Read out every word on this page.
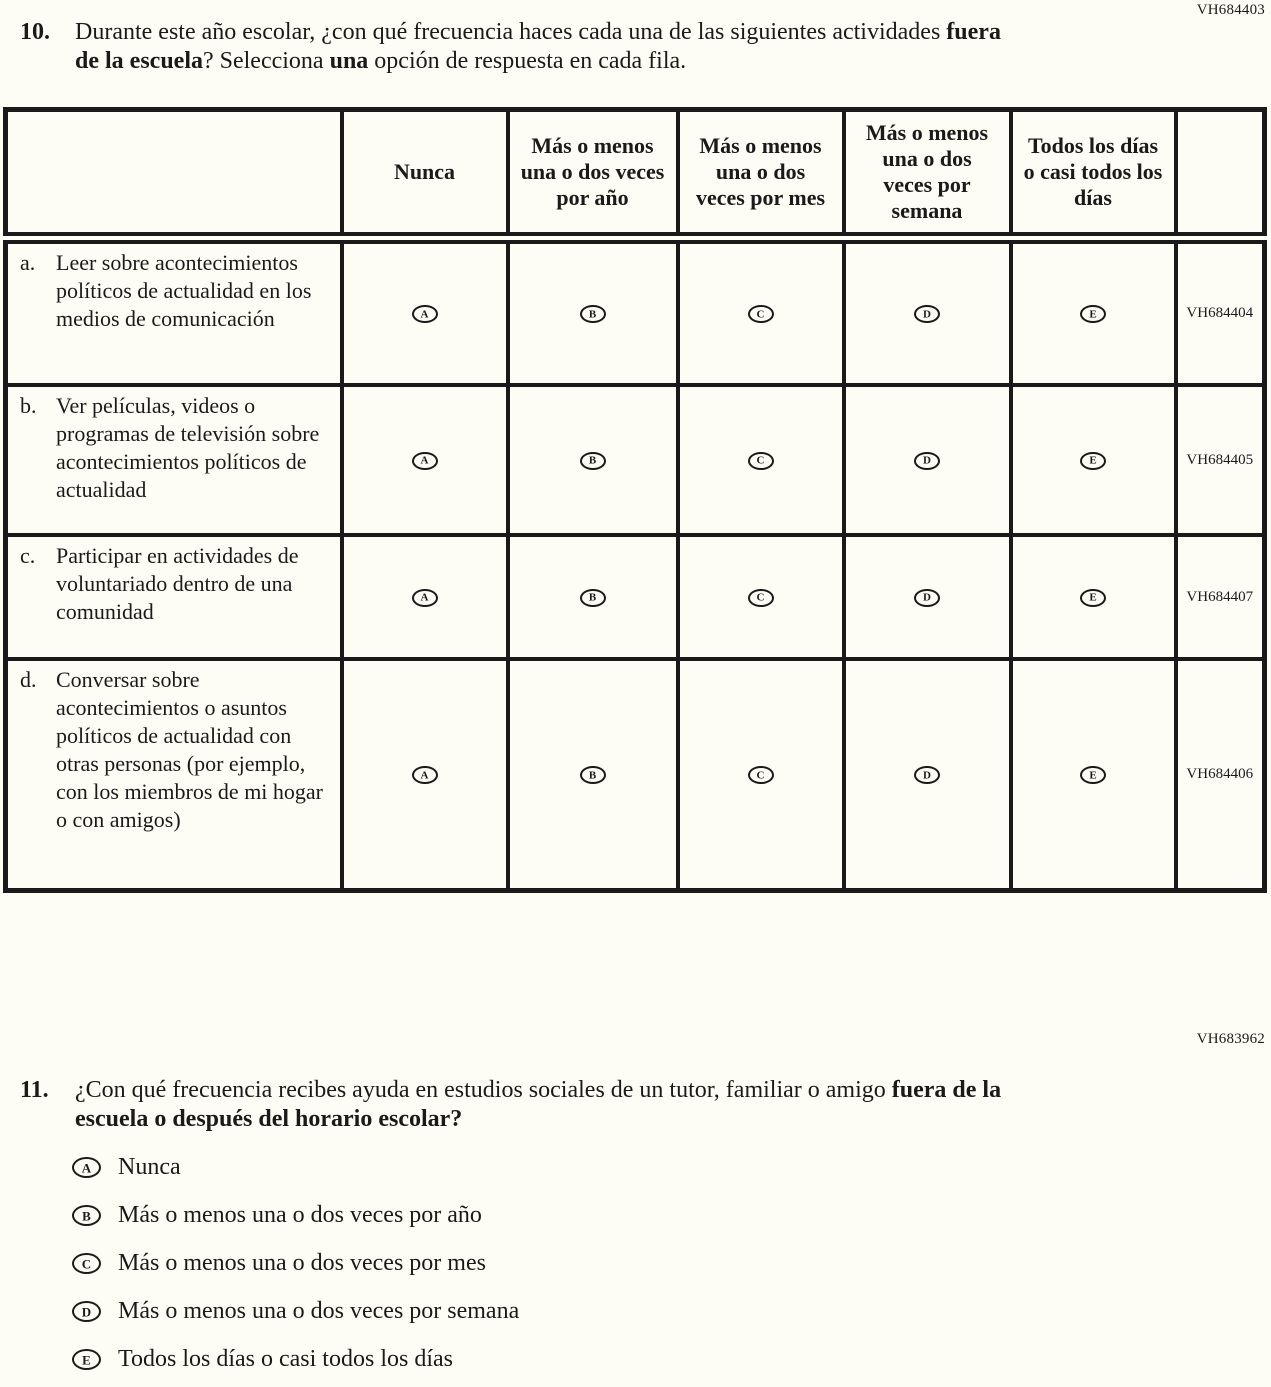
VH684403
10.	Durante este año escolar, ¿con qué frecuencia haces cada una de las siguientes actividades fuera de la escuela? Selecciona una opción de respuesta en cada fila.
	Nunca	Más o menos una o dos veces por año	Más o menos una o dos veces por mes	Más o menos una o dos veces por semana	Todos los días o casi todos los días	

a. Leer sobre acontecimientos políticos de actualidad en los medios de comunicación	A	B	C	D	E	VH684404

b. Ver películas, videos o programas de televisión sobre acontecimientos políticos de actualidad	A	B	C	D	E	VH684405

c. Participar en actividades de voluntariado dentro de una comunidad	A	B	C	D	E	VH684407

d. Conversar sobre acontecimientos o asuntos políticos de actualidad con otras personas (por ejemplo, con los miembros de mi hogar o con amigos)	A	B	C	D	E	VH684406
VH683962
11.	¿Con qué frecuencia recibes ayuda en estudios sociales de un tutor, familiar o amigo fuera de la escuela o después del horario escolar?
A Nunca
B Más o menos una o dos veces por año
C Más o menos una o dos veces por mes
D Más o menos una o dos veces por semana
E Todos los días o casi todos los días
